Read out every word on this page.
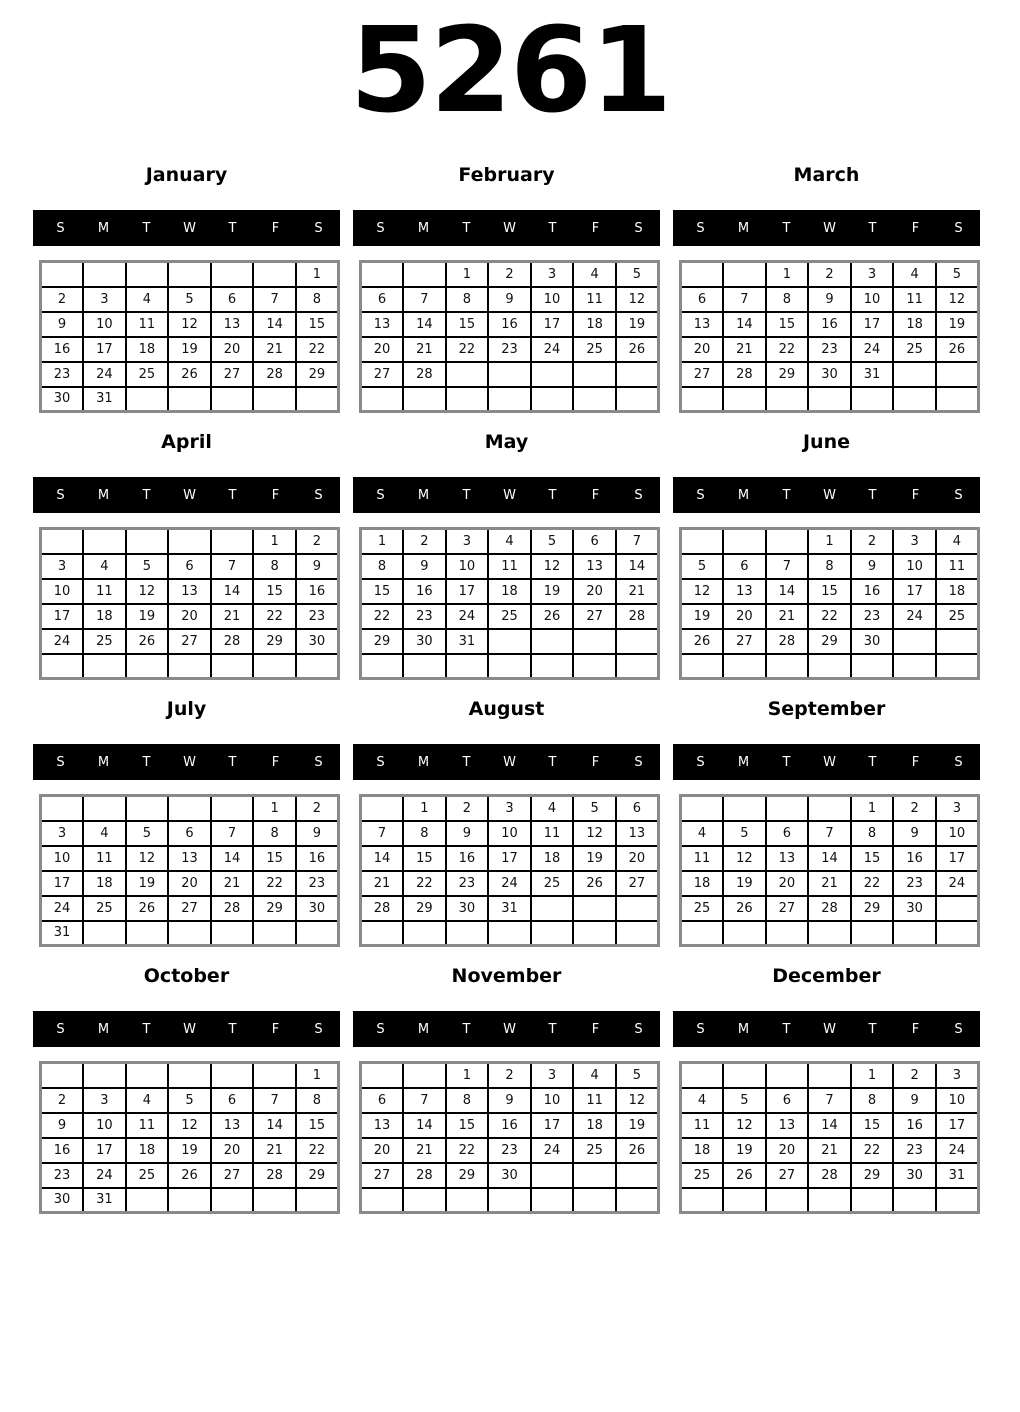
5261
January
S	M	T	W	T	F	S
						1
2	3	4	5	6	7	8
9	10	11	12	13	14	15
16	17	18	19	20	21	22
23	24	25	26	27	28	29
30	31					
February
S	M	T	W	T	F	S
		1	2	3	4	5
6	7	8	9	10	11	12
13	14	15	16	17	18	19
20	21	22	23	24	25	26
27	28					

March
S	M	T	W	T	F	S
		1	2	3	4	5
6	7	8	9	10	11	12
13	14	15	16	17	18	19
20	21	22	23	24	25	26
27	28	29	30	31		

April
S	M	T	W	T	F	S
					1	2
3	4	5	6	7	8	9
10	11	12	13	14	15	16
17	18	19	20	21	22	23
24	25	26	27	28	29	30

May
S	M	T	W	T	F	S
1	2	3	4	5	6	7
8	9	10	11	12	13	14
15	16	17	18	19	20	21
22	23	24	25	26	27	28
29	30	31				

June
S	M	T	W	T	F	S
			1	2	3	4
5	6	7	8	9	10	11
12	13	14	15	16	17	18
19	20	21	22	23	24	25
26	27	28	29	30		

July
S	M	T	W	T	F	S
					1	2
3	4	5	6	7	8	9
10	11	12	13	14	15	16
17	18	19	20	21	22	23
24	25	26	27	28	29	30
31						
August
S	M	T	W	T	F	S
	1	2	3	4	5	6
7	8	9	10	11	12	13
14	15	16	17	18	19	20
21	22	23	24	25	26	27
28	29	30	31			

September
S	M	T	W	T	F	S
				1	2	3
4	5	6	7	8	9	10
11	12	13	14	15	16	17
18	19	20	21	22	23	24
25	26	27	28	29	30	

October
S	M	T	W	T	F	S
						1
2	3	4	5	6	7	8
9	10	11	12	13	14	15
16	17	18	19	20	21	22
23	24	25	26	27	28	29
30	31					
November
S	M	T	W	T	F	S
		1	2	3	4	5
6	7	8	9	10	11	12
13	14	15	16	17	18	19
20	21	22	23	24	25	26
27	28	29	30			

December
S	M	T	W	T	F	S
				1	2	3
4	5	6	7	8	9	10
11	12	13	14	15	16	17
18	19	20	21	22	23	24
25	26	27	28	29	30	31
